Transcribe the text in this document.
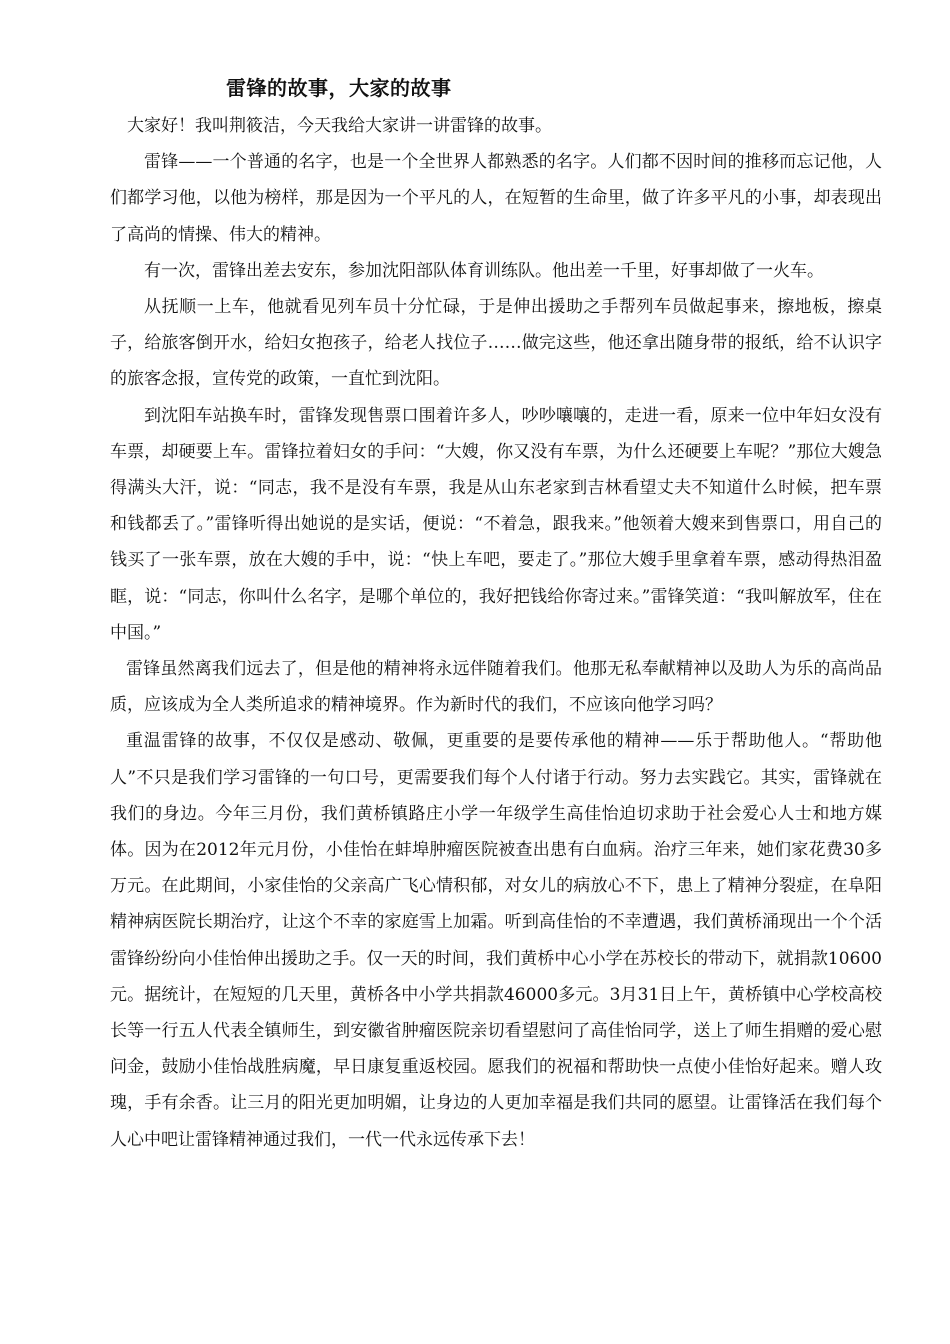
雷锋的故事，大家的故事

大家好！我叫荆筱洁，今天我给大家讲一讲雷锋的故事。

雷锋——一个普通的名字，也是一个全世界人都熟悉的名字。人们都不因时间的推移而忘记他，人们都学习他，以他为榜样，那是因为一个平凡的人，在短暂的生命里，做了许多平凡的小事，却表现出了高尚的情操、伟大的精神。

有一次，雷锋出差去安东，参加沈阳部队体育训练队。他出差一千里，好事却做了一火车。

从抚顺一上车，他就看见列车员十分忙碌，于是伸出援助之手帮列车员做起事来，擦地板，擦桌子，给旅客倒开水，给妇女抱孩子，给老人找位子……做完这些，他还拿出随身带的报纸，给不认识字的旅客念报，宣传党的政策，一直忙到沈阳。

到沈阳车站换车时，雷锋发现售票口围着许多人，吵吵嚷嚷的，走进一看，原来一位中年妇女没有车票，却硬要上车。雷锋拉着妇女的手问：“大嫂，你又没有车票，为什么还硬要上车呢？”那位大嫂急得满头大汗，说：“同志，我不是没有车票，我是从山东老家到吉林看望丈夫不知道什么时候，把车票和钱都丢了。”雷锋听得出她说的是实话，便说：“不着急，跟我来。”他领着大嫂来到售票口，用自己的钱买了一张车票，放在大嫂的手中，说：“快上车吧，要走了。”那位大嫂手里拿着车票，感动得热泪盈眶，说：“同志，你叫什么名字，是哪个单位的，我好把钱给你寄过来。”雷锋笑道：“我叫解放军，住在中国。”

雷锋虽然离我们远去了，但是他的精神将永远伴随着我们。他那无私奉献精神以及助人为乐的高尚品质，应该成为全人类所追求的精神境界。作为新时代的我们，不应该向他学习吗？

重温雷锋的故事，不仅仅是感动、敬佩，更重要的是要传承他的精神——乐于帮助他人。“帮助他人”不只是我们学习雷锋的一句口号，更需要我们每个人付诸于行动。努力去实践它。其实，雷锋就在我们的身边。今年三月份，我们黄桥镇路庄小学一年级学生高佳怡迫切求助于社会爱心人士和地方媒体。因为在2012年元月份，小佳怡在蚌埠肿瘤医院被查出患有白血病。治疗三年来，她们家花费30多万元。在此期间，小家佳怡的父亲高广飞心情积郁，对女儿的病放心不下，患上了精神分裂症，在阜阳精神病医院长期治疗，让这个不幸的家庭雪上加霜。听到高佳怡的不幸遭遇，我们黄桥涌现出一个个活雷锋纷纷向小佳怡伸出援助之手。仅一天的时间，我们黄桥中心小学在苏校长的带动下，就捐款10600元。据统计，在短短的几天里，黄桥各中小学共捐款46000多元。3月31日上午，黄桥镇中心学校高校长等一行五人代表全镇师生，到安徽省肿瘤医院亲切看望慰问了高佳怡同学，送上了师生捐赠的爱心慰问金，鼓励小佳怡战胜病魔，早日康复重返校园。愿我们的祝福和帮助快一点使小佳怡好起来。赠人玫瑰，手有余香。让三月的阳光更加明媚，让身边的人更加幸福是我们共同的愿望。让雷锋活在我们每个人心中吧让雷锋精神通过我们，一代一代永远传承下去！
